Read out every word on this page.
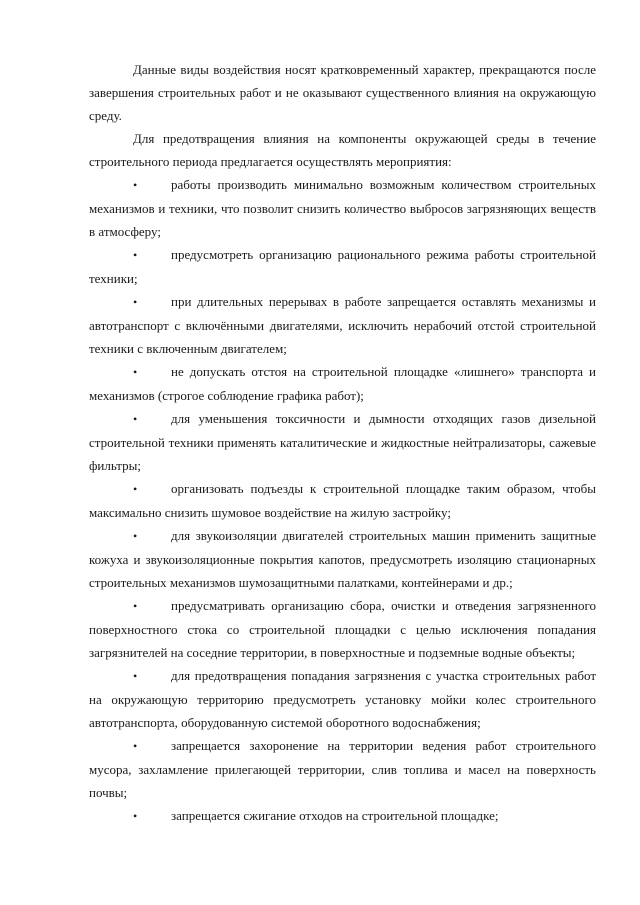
Данные виды воздействия носят кратковременный характер, прекращаются после завершения строительных работ и не оказывают существенного влияния на окружающую среду.

Для предотвращения влияния на компоненты окружающей среды в течение строительного периода предлагается осуществлять мероприятия:

•	работы производить минимально возможным количеством строительных механизмов и техники, что позволит снизить количество выбросов загрязняющих веществ в атмосферу;

•	предусмотреть организацию рационального режима работы строительной техники;

•	при длительных перерывах в работе запрещается оставлять механизмы и автотранспорт с включёнными двигателями, исключить нерабочий отстой строительной техники с включенным двигателем;

•	не допускать отстоя на строительной площадке «лишнего» транспорта и механизмов (строгое соблюдение графика работ);

•	для уменьшения токсичности и дымности отходящих газов дизельной строительной техники применять каталитические и жидкостные нейтрализаторы, сажевые фильтры;

•	организовать подъезды к строительной площадке таким образом, чтобы максимально снизить шумовое воздействие на жилую застройку;

•	для звукоизоляции двигателей строительных машин применить защитные кожуха и звукоизоляционные покрытия капотов, предусмотреть изоляцию стационарных строительных механизмов шумозащитными палатками, контейнерами и др.;

•	предусматривать организацию сбора, очистки и отведения загрязненного поверхностного стока со строительной площадки с целью исключения попадания загрязнителей на соседние территории, в поверхностные и подземные водные объекты;

•	для предотвращения попадания загрязнения с участка строительных работ на окружающую территорию предусмотреть установку мойки колес строительного автотранспорта, оборудованную системой оборотного водоснабжения;

•	запрещается захоронение на территории ведения работ строительного мусора, захламление прилегающей территории, слив топлива и масел на поверхность почвы;

•	запрещается сжигание отходов на строительной площадке;
